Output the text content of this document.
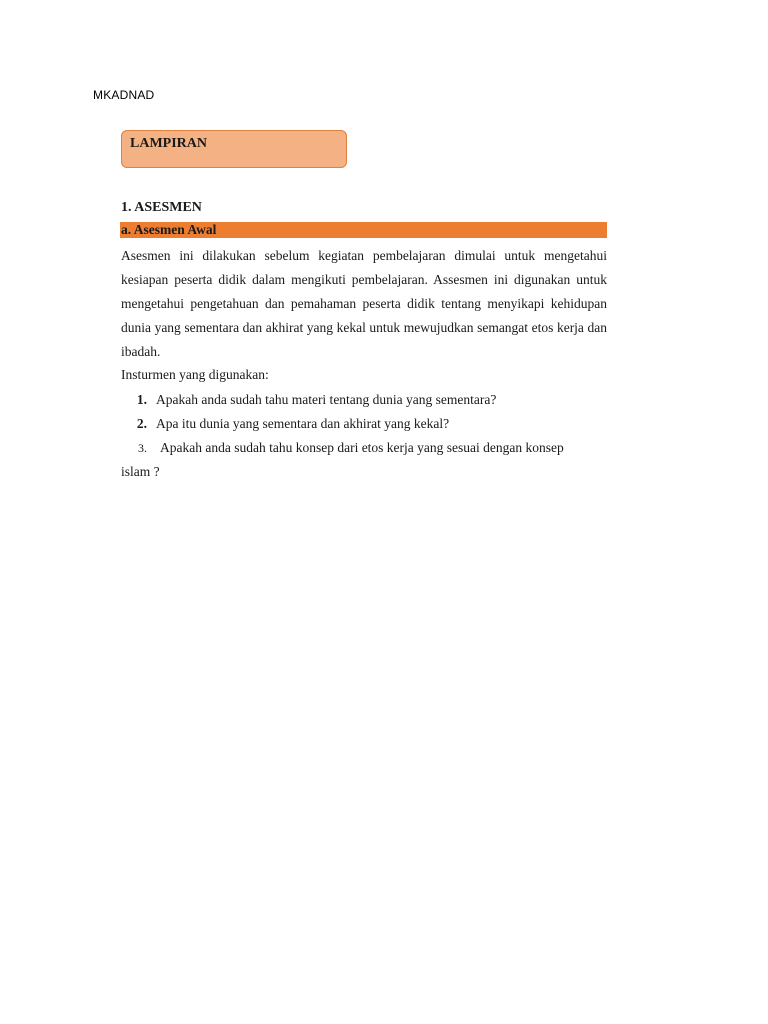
MKADNAD
LAMPIRAN
1. ASESMEN
a. Asesmen Awal
Asesmen ini dilakukan sebelum kegiatan pembelajaran dimulai untuk mengetahui kesiapan peserta didik dalam mengikuti pembelajaran. Assesmen ini digunakan untuk mengetahui pengetahuan dan pemahaman peserta didik tentang menyikapi kehidupan dunia yang sementara dan akhirat yang kekal untuk mewujudkan semangat etos kerja dan ibadah.
Insturmen yang digunakan:
1. Apakah anda sudah tahu materi tentang dunia yang sementara?
2. Apa itu dunia yang sementara dan akhirat yang kekal?
3. Apakah anda sudah tahu konsep dari etos kerja yang sesuai dengan konsep
islam ?
